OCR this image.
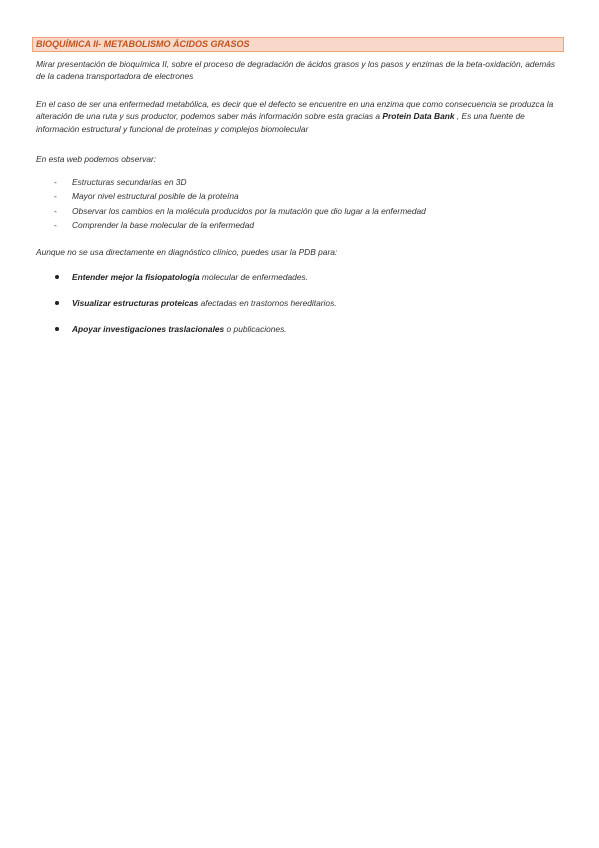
BIOQUÍMICA II- METABOLISMO ÁCIDOS GRASOS
Mirar presentación de bioquímica II, sobre el proceso de degradación de ácidos grasos y los pasos y enzimas de la beta-oxidación, además de la cadena transportadora de electrones
En el caso de ser una enfermedad metabólica, es decir que el defecto se encuentre en una enzima que como consecuencia se produzca la alteración de una ruta y sus productor, podemos saber más información sobre esta gracias a Protein Data Bank , Es una fuente de información estructural y funcional de proteínas y complejos biomolecular
En esta web podemos observar:
- Estructuras secundarias en 3D
- Mayor nivel estructural posible de la proteína
- Observar los cambios en la molécula producidos por la mutación que dio lugar a la enfermedad
- Comprender la base molecular de la enfermedad
Aunque no se usa directamente en diagnóstico clínico, puedes usar la PDB para:
Entender mejor la fisiopatología molecular de enfermedades.
Visualizar estructuras proteicas afectadas en trastornos hereditarios.
Apoyar investigaciones traslacionales o publicaciones.
